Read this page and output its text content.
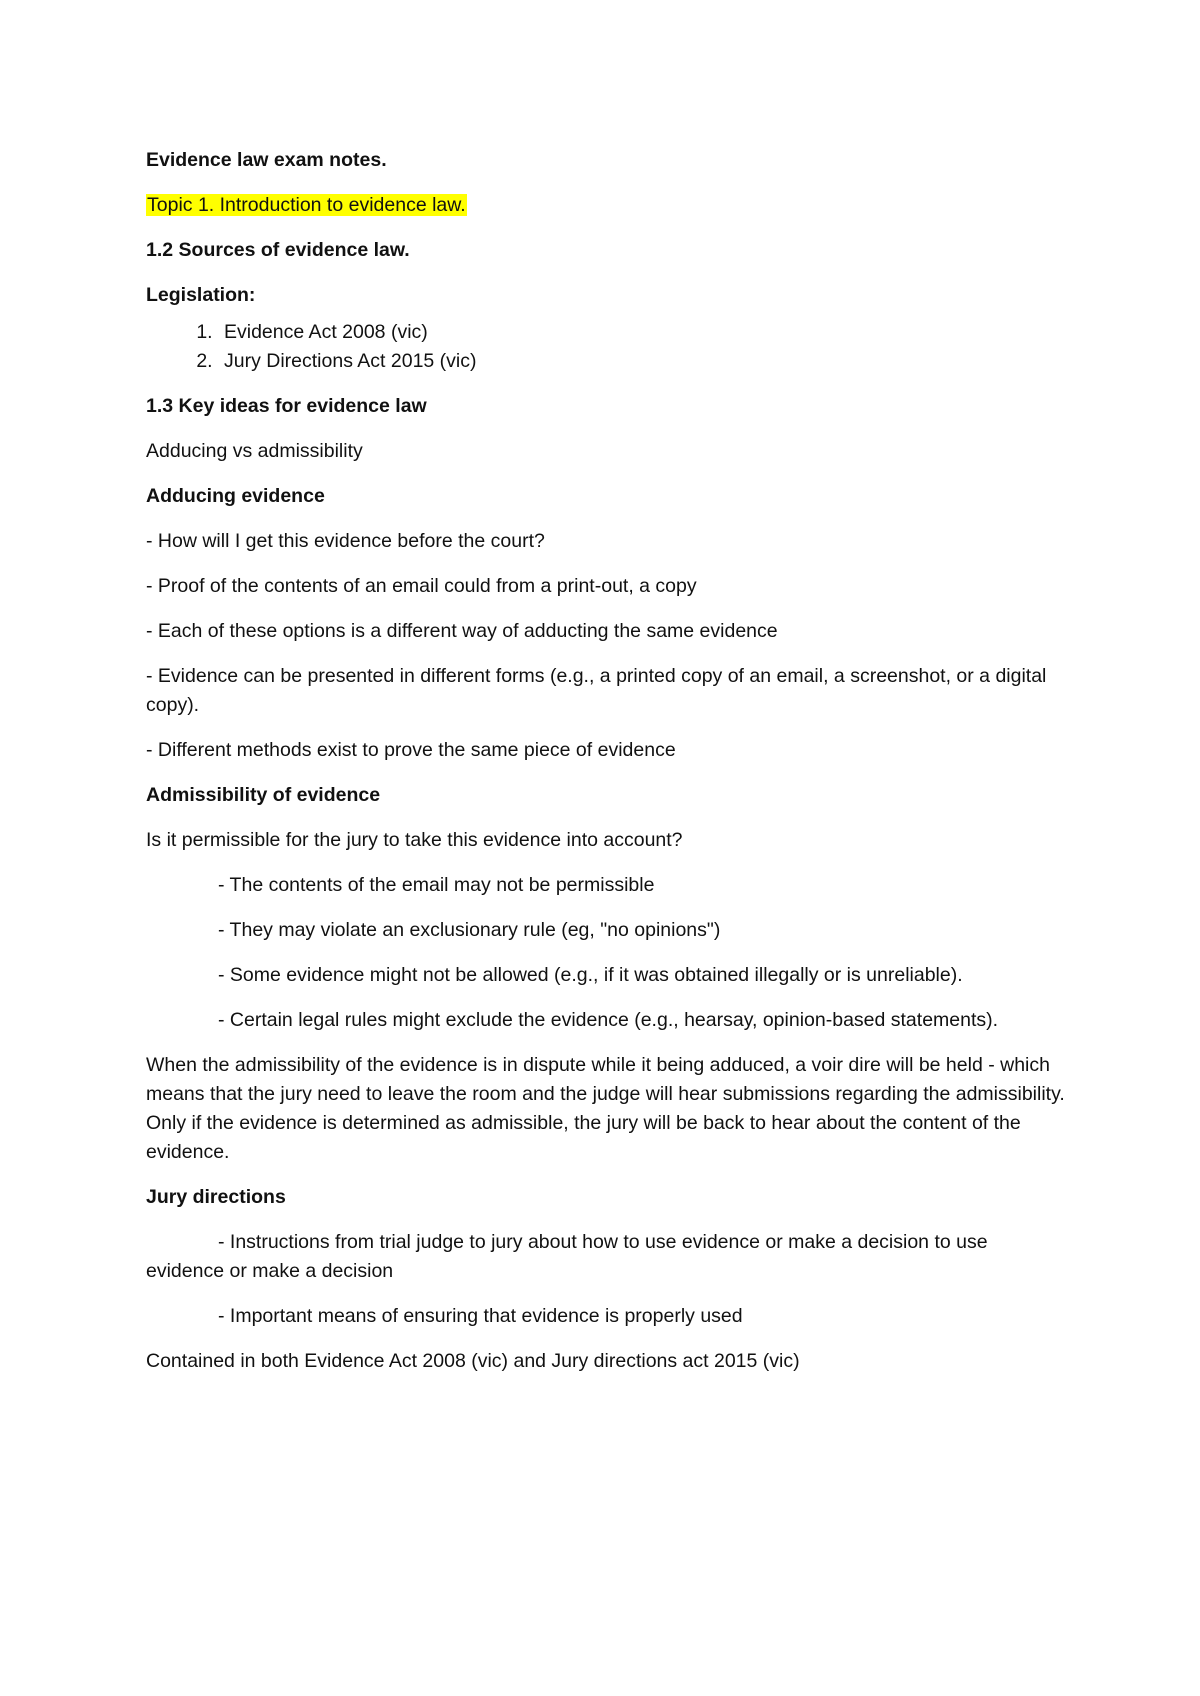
Evidence law exam notes.

Topic 1. Introduction to evidence law.

1.2 Sources of evidence law.

Legislation:

1. Evidence Act 2008 (vic)
2. Jury Directions Act 2015 (vic)

1.3 Key ideas for evidence law

Adducing vs admissibility

Adducing evidence

- How will I get this evidence before the court?

- Proof of the contents of an email could from a print-out, a copy

- Each of these options is a different way of adducting the same evidence

- Evidence can be presented in different forms (e.g., a printed copy of an email, a screenshot, or a digital copy).

- Different methods exist to prove the same piece of evidence

Admissibility of evidence

Is it permissible for the jury to take this evidence into account?

- The contents of the email may not be permissible

- They may violate an exclusionary rule (eg, "no opinions")

- Some evidence might not be allowed (e.g., if it was obtained illegally or is unreliable).

- Certain legal rules might exclude the evidence (e.g., hearsay, opinion-based statements).

When the admissibility of the evidence is in dispute while it being adduced, a voir dire will be held - which means that the jury need to leave the room and the judge will hear submissions regarding the admissibility. Only if the evidence is determined as admissible, the jury will be back to hear about the content of the evidence.

Jury directions

- Instructions from trial judge to jury about how to use evidence or make a decision to use evidence or make a decision

- Important means of ensuring that evidence is properly used

Contained in both Evidence Act 2008 (vic) and Jury directions act 2015 (vic)
